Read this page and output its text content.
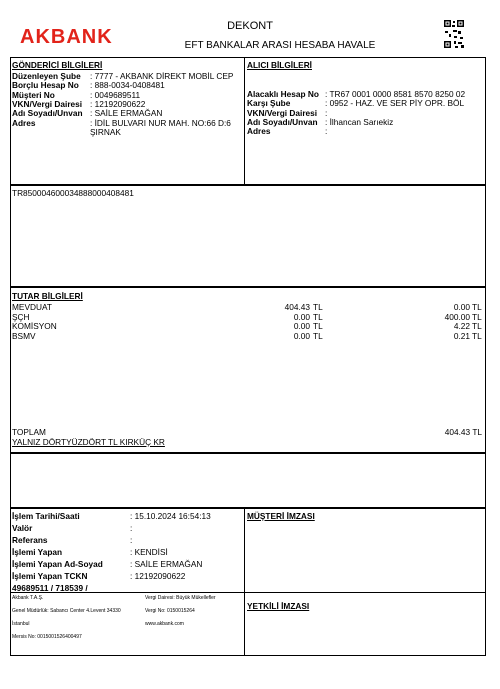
AKBANK	DEKONT
EFT BANKALAR ARASI HESABA HAVALE
GÖNDERİCİ BİLGİLERİ
Düzenleyen Şube : 7777 - AKBANK DİREKT MOBİL CEP
Borçlu Hesap No : 888-0034-0408481
Müşteri No	: 0049689511
VKN/Vergi Dairesi : 12192090622
Adı Soyadı/Unvan : SAİLE ERMAĞAN
Adres	: İDİL BULVARI NUR MAH. NO:66 D:6
ŞIRNAK
ALICI BİLGİLERİ
Alacaklı Hesap No : TR67 0001 0000 8581 8570 8250 02
Karşı Şube	: 0952 - HAZ. VE SER PİY OPR. BÖL
VKN/Vergi Dairesi :
Adı Soyadı/Unvan : İlhancan Sarıekiz
Adres	:
TR850004600034888000408481
TUTAR BİLGİLERİ
MEVDUAT	404.43 TL	0.00 TL
ŞÇH	0.00 TL	400.00 TL
KOMİSYON	0.00 TL	4.22 TL
BSMV	0.00 TL	0.21 TL
TOPLAM	404.43 TL
YALNIZ DÖRTYÜZDÖRT TL KIRKÜÇ KR
İşlem Tarihi/Saati	: 15.10.2024 16:54:13
Valör	:
Referans	:
İşlemi Yapan	: KENDİSİ
İşlemi Yapan Ad-Soyad	: SAİLE ERMAĞAN
İşlemi Yapan TCKN	: 12192090622
49689511 / 718539 /
MÜŞTERİ İMZASI
YETKİLİ İMZASI
Akbank T.A.Ş.
Genel Müdürlük: Sabancı Center 4.Levent 34330
İstanbul
Mersis No: 0015001526400497
Vergi Dairesi: Büyük Mükellefler
Vergi No: 0150015264
www.akbank.com
